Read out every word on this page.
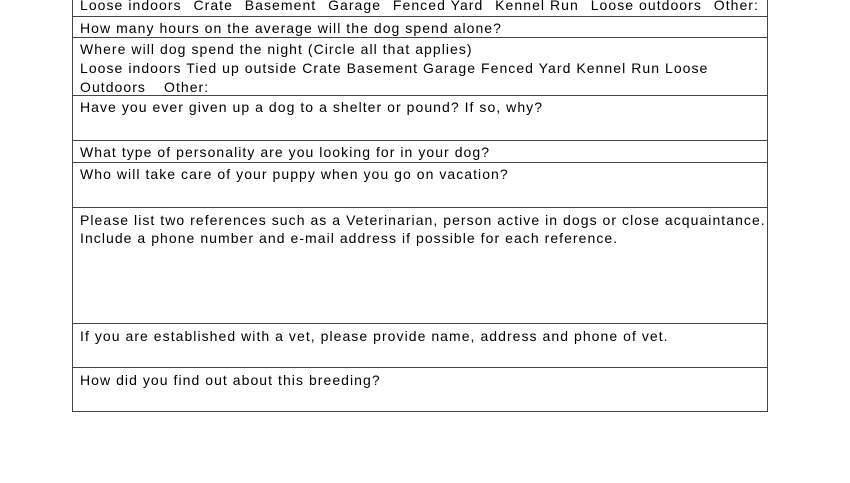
Loose indoors Crate Basement Garage Fenced Yard Kennel Run Loose outdoors Other:
How many hours on the average will the dog spend alone?
Where will dog spend the night (Circle all that applies)
Loose indoors Tied up outside Crate Basement Garage Fenced Yard Kennel Run Loose
Outdoors Other:
Have you ever given up a dog to a shelter or pound? If so, why?
What type of personality are you looking for in your dog?
Who will take care of your puppy when you go on vacation?
Please list two references such as a Veterinarian, person active in dogs or close acquaintance.
Include a phone number and e-mail address if possible for each reference.
If you are established with a vet, please provide name, address and phone of vet.
How did you find out about this breeding?
